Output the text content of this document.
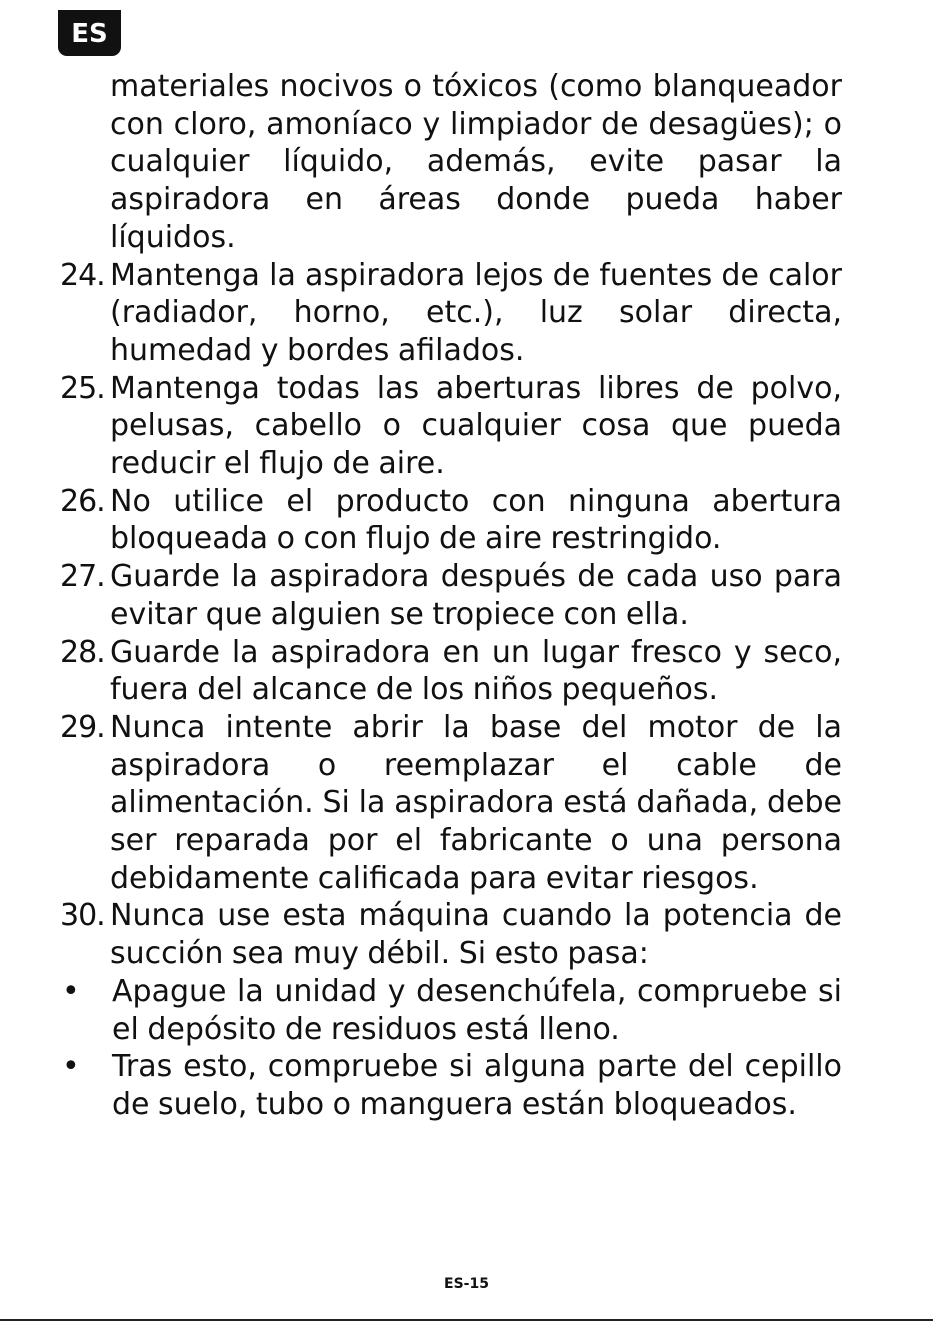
ES
materiales nocivos o tóxicos (como blanqueador con cloro, amoníaco y limpiador de desagües); o cualquier líquido, además, evite pasar la aspiradora en áreas donde pueda haber líquidos.
24. Mantenga la aspiradora lejos de fuentes de calor (radiador, horno, etc.), luz solar directa, humedad y bordes afilados.
25. Mantenga todas las aberturas libres de polvo, pelusas, cabello o cualquier cosa que pueda reducir el flujo de aire.
26. No utilice el producto con ninguna abertura bloqueada o con flujo de aire restringido.
27. Guarde la aspiradora después de cada uso para evitar que alguien se tropiece con ella.
28. Guarde la aspiradora en un lugar fresco y seco, fuera del alcance de los niños pequeños.
29. Nunca intente abrir la base del motor de la aspiradora o reemplazar el cable de alimentación. Si la aspiradora está dañada, debe ser reparada por el fabricante o una persona debidamente calificada para evitar riesgos.
30. Nunca use esta máquina cuando la potencia de succión sea muy débil. Si esto pasa:
•	Apague la unidad y desenchúfela, compruebe si el depósito de residuos está lleno.
•	Tras esto, compruebe si alguna parte del cepillo de suelo, tubo o manguera están bloqueados.
ES-15
